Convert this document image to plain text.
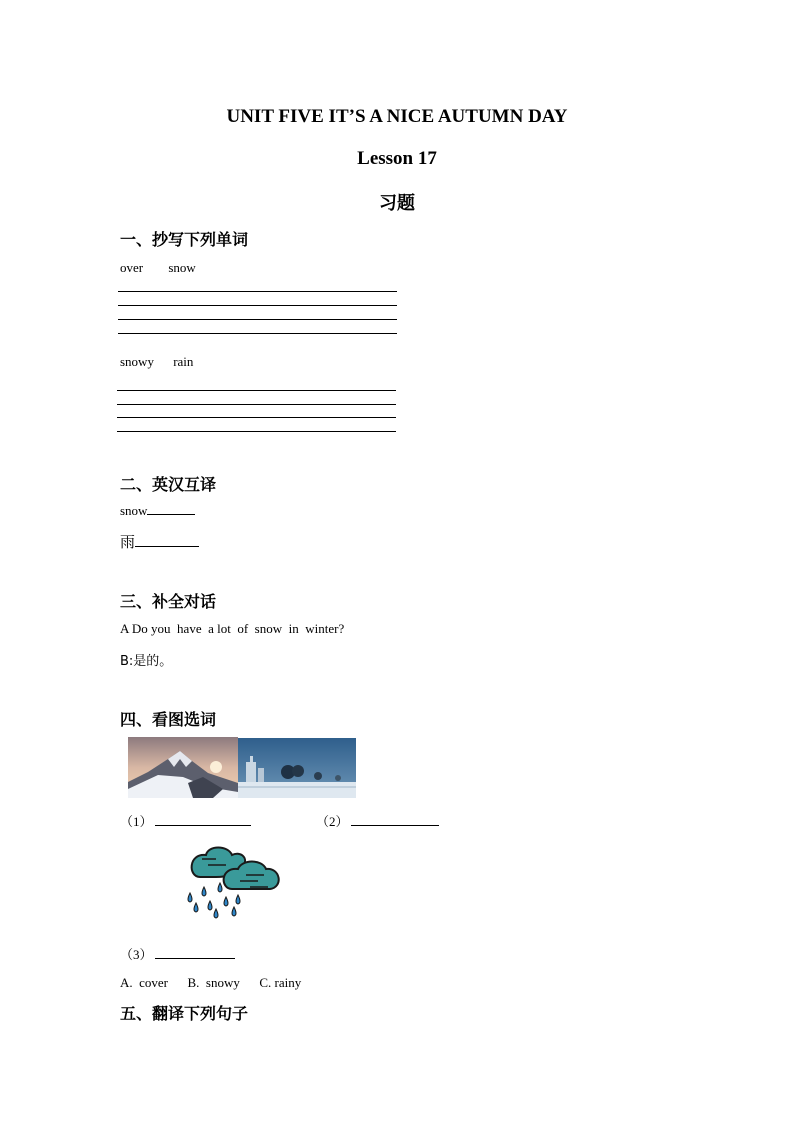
UNIT FIVE IT’S A NICE AUTUMN DAY
Lesson 17
习题
一、抄写下列单词
over snow
snowy rain
二、英汉互译
snow
雨
三、补全对话
A Do you  have  a lot  of  snow  in  winter?
B:是的。
四、看图选词
（1）	（2）
（3）
A.  cover      B.  snowy      C. rainy
五、翻译下列句子
